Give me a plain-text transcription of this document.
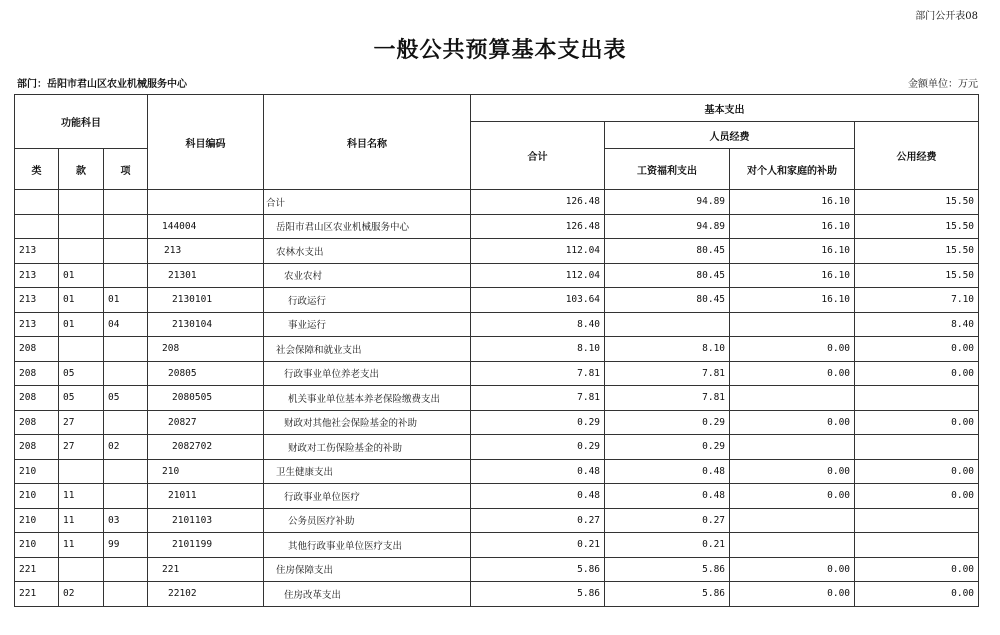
部门公开表08
一般公共预算基本支出表
部门：岳阳市君山区农业机械服务中心	金额单位：万元
功能科目			科目编码	科目名称	基本支出			
					合计	人员经费		公用经费
类	款	项				工资福利支出	对个人和家庭的补助	
				合计	126.48	94.89	16.10	15.50
			144004	岳阳市君山区农业机械服务中心	126.48	94.89	16.10	15.50
213			213	农林水支出	112.04	80.45	16.10	15.50
213	01		21301	农业农村	112.04	80.45	16.10	15.50
213	01	01	2130101	行政运行	103.64	80.45	16.10	7.10
213	01	04	2130104	事业运行	8.40			8.40
208			208	社会保障和就业支出	8.10	8.10	0.00	0.00
208	05		20805	行政事业单位养老支出	7.81	7.81	0.00	0.00
208	05	05	2080505	机关事业单位基本养老保险缴费支出	7.81	7.81		
208	27		20827	财政对其他社会保险基金的补助	0.29	0.29	0.00	0.00
208	27	02	2082702	财政对工伤保险基金的补助	0.29	0.29		
210			210	卫生健康支出	0.48	0.48	0.00	0.00
210	11		21011	行政事业单位医疗	0.48	0.48	0.00	0.00
210	11	03	2101103	公务员医疗补助	0.27	0.27		
210	11	99	2101199	其他行政事业单位医疗支出	0.21	0.21		
221			221	住房保障支出	5.86	5.86	0.00	0.00
221	02		22102	住房改革支出	5.86	5.86	0.00	0.00
